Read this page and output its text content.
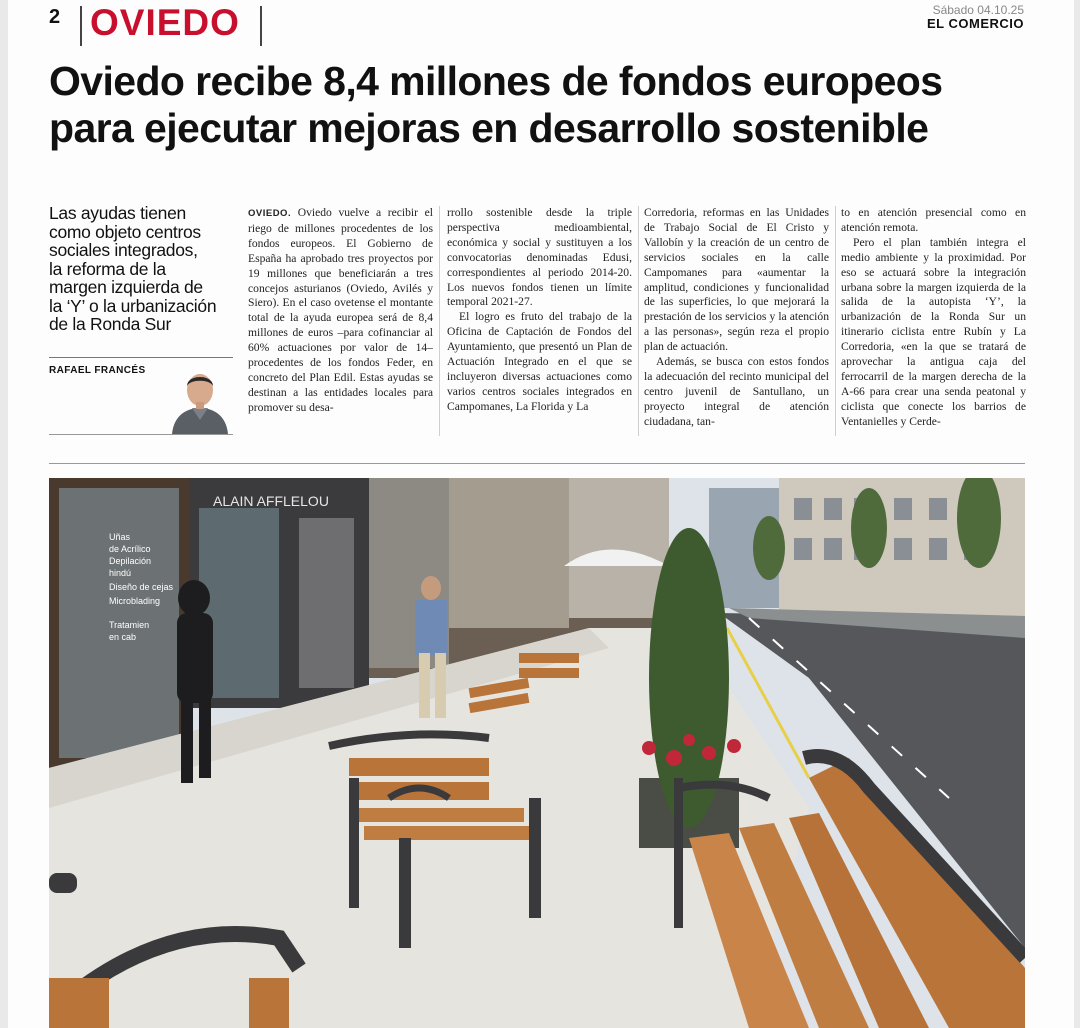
2 OVIEDO	Sábado 04.10.25
EL COMERCIO
Oviedo recibe 8,4 millones de fondos europeos
para ejecutar mejoras en desarrollo sostenible
Las ayudas tienen
como objeto centros
sociales integrados,
la reforma de la
margen izquierda de
la ‘Y’ o la urbanización
de la Ronda Sur
RAFAEL FRANCÉS

OVIEDO. Oviedo vuelve a recibir el riego de millones procedentes de los fondos europeos. El Gobierno de España ha aprobado tres proyectos por 19 millones que beneficiarán a tres concejos asturianos (Oviedo, Avilés y Siero). En el caso ovetense el montante total de la ayuda europea será de 8,4 millones de euros –para cofinanciar al 60% actuaciones por valor de 14– procedentes de los fondos Feder, en concreto del Plan Edil. Estas ayudas se destinan a las entidades locales para promover su desa-

rrollo sostenible desde la triple perspectiva medioambiental, económica y social y sustituyen a los convocatorias denominadas Edusi, correspondientes al periodo 2014-20. Los nuevos fondos tienen un límite temporal 2021-27.

El logro es fruto del trabajo de la Oficina de Captación de Fondos del Ayuntamiento, que presentó un Plan de Actuación Integrado en el que se incluyeron diversas actuaciones como varios centros sociales integrados en Campomanes, La Florida y La

Corredoria, reformas en las Unidades de Trabajo Social de El Cristo y Vallobín y la creación de un centro de servicios sociales en la calle Campomanes para «aumentar la amplitud, condiciones y funcionalidad de las superficies, lo que mejorará la prestación de los servicios y la atención a las personas», según reza el propio plan de actuación.

Además, se busca con estos fondos la adecuación del recinto municipal del centro juvenil de Santullano, un proyecto integral de atención ciudadana, tan-

to en atención presencial como en atención remota.

Pero el plan también integra el medio ambiente y la proximidad. Por eso se actuará sobre la integración urbana sobre la margen izquierda de la salida de la autopista ‘Y’, la urbanización de la Ronda Sur un itinerario ciclista entre Rubín y La Corredoria, «en la que se tratará de aprovechar la antigua caja del ferrocarril de la margen derecha de la A-66 para crear una senda peatonal y ciclista que conecte los barrios de Ventanielles y Cerde-

ALAIN AFFLELOU
Uñas
de Acrílico
Depilación
hindú
Diseño de cejas
Microblading
Tratamien
en cab
